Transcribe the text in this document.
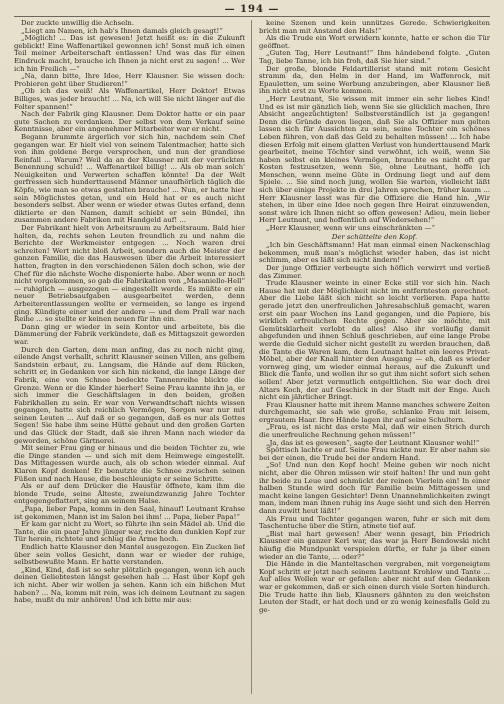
— 194 —

Der zuckte unwillig die Achseln.

„Liegt am Namen, ich hab's Ihnen damals gleich gesagt!“

„Möglich! ... Das ist gewesen! Jetzt heißt es: in die Zukunft geblickt! Eine Waffenartikel gewonnen ich! Sonst muß ich einen Teil meiner Arbeiterschaft entlassen! Und was das für einen Eindruck macht, brauche ich Ihnen ja nicht erst zu sagen! ... Wer ich hin Freilich —“

„Na, dann bitte, Ihre Idee, Herr Klausner. Sie wissen doch: Probieren geht über Studieren!“

„Ob ich das weiß! Als Waffenartikel, Herr Doktor! Etwas Billiges, was jeder braucht! ... Na, ich will Sie nicht länger auf die Folter spannen!“

Nach der Fabrik ging Klausner. Dem Doktor hatte er ein paar gute Sachen zu verdanken. Der selbst von dem Verkauf seine Kenntnisse, aber ein angenehmer Mitarbeiter war er nicht.

Begann brummte ärgerlich vor sich hin, nachdem sein Chef gegangen war. Er hielt viel von seinem Talentmacher, hatte sich von ihm goldene Berge versprochen, und nun der grandiose Reinfall ... Warum? Weil da an der Klausner mit der verrückten Benennung schuld! ... Waffenartikel billig! ... Als ob man solch' Neuigkeiten und Verwerten schaffen könnte! Da der Welt gerfressen sich hunderttausend Männer unaufhörlich täglich die Köpfe, wie man so etwas gestalten brauche! ... Nun, er hatte hier sein Möglichstes getan, und ein Held hat er es auch nicht besonders selbst. Aber wenn er wieder etwas Gutes erfand, denn diktierte er den Namen, damit schiebt er sein Bündel, ihn zusammen andere Fabriken mit Handgeld auf! ...

Der Fabrikant hielt von Arbeitsraum zu Arbeitsraum. Bald hier halten, da, rechts sehen Leuten freundlich zu und nahm die Berichte der Werkmeister entgegen ... Noch waren drei schreiten! Wert nicht bloß Arbeit, sondern auch die Meister der ganzen Familie, die das Hauswesen über die Arbeit interessiert hatten, fragten in den verschiedenen Sälen doch schon, wie der Chef für die nächste Woche disponierte habe. Aber wenn er noch nicht vorgekommen, so gab die Fabrikation von „Masaniello-Hell“ — ruhiglich — ausgezogen — eingestellt werde. Es müßte er ein neuer Betriebsaufgaben ausgearbeitet werden, denn Arbeiterentlassungen wollte er vermeiden, so lange es irgend ging. Kündigte einer und der andere — und dem Prall war nach Reihe ... so stellte er keinen neuen für ihn ein.

Dann ging er wieder in sein Kontor und arbeitete, bis die Dämmerung der Fabrik verkündete, daß es Mittagszeit geworden war.

Durch den Garten, dem man anfing, das zu noch nicht ging, eilende Angst verhallt, schritt Klausner seinen Villen, ans gelbem Sandstein erbaut, zu. Langsam, die Hände auf dem Rücken, schritt er, in Gedanken vor sich hin nickend, die lange Länge der Fabrik, eine von Schnee bedeckte Tannenreihe blickte die Grenze. Wenn er die Kinder hierher! Seine Frau kannte ihn ja, er sich immer die Geschäftslagen in den beiden, großen Fabrikhallen zu sein. Er war von Verwandtschaft nichts wissen gegangen, hatte sich reichlich Vermögen, Sorgen war nur mit seinen Leuten ... Auf daß er so gegangen, daß es nur als Gottes Segen! Sie habe ihm seine Hütte gebaut und den großen Garten und das Glück der Stadt, daß sie ihren Mann nach wieder da geworden, schöne Gärtnerei.

Mit seiner Frau ging er hinaus und die beiden Töchter zu, wie die Dinge standen — und sich mit dem Heimwege eingestellt. Das Mittagessen wurde auch, als ob schon wieder einmal. Auf Klaren Kopf denken! Er benutzte die Schnee zwischen seinen Füßen und nach Hause, die beschleunigte er seine Schritte.

Als er auf dem Drücker die Haustür öffnete, kam ihm die blonde Trude, seine Älteste, zweiundzwanzig Jahre Tochter entgegengeflattert, sing an seinem Halse.

„Papa, lieber Papa, komm in den Saal, hinauf! Leutnant Krahse ist gekommen, Mann ist im Salon bei ihm! ... Papa, lieber Papa!“

Er kam gar nicht zu Wort, so führte ihn sein Mädel ab. Und die Tante, die ein paar Jahre jünger war, reckte den dunklen Kopf zur Tür herein, richtete und schlug die Arme hoch.

Endlich hatte Klausner den Mantel ausgezogen. Ein Zucken lief über sein volles Gesicht, dann war er wieder der ruhige, selbstbewußte Mann. Er hatte verstanden.

„Kind, Kind, daß ist so sehr plötzlich gegangen, wenn ich auch deinen Geliebtesten längst gesehen hab ... Hast über Kopf geh ich nicht. Aber wir wollen ja sehen. Kann ich ein bißchen Mut haben? ... Na, komm mit rein, was ich deinem Leutnant zu sagen habe, mußt du mir anhören! Und ich bitte mir aus:

keine Szenen und kein unnützes Gerede. Schwierigkeiten bricht man mit Anstand den Hals!“

Als die Trude ein Wort erwidern konnte, hatte er schon die Tür geöffnet.

„Guten Tag, Herr Leutnant!“ Ihm händebend folgte. „Guten Tag, liebe Tanne, ich bin froh, daß Sie hier sind.“

Der große, blonde Feldartillerist stand mit rotem Gesicht stramm da, den Helm in der Hand, im Waffenrock, mit Epauletten, um seine Werbung anzubringen, aber Klausner ließ ihn nicht erst zu Worte kommen.

„Herr Leutnant, Sie wissen mit immer ein sehr liebes Kind! Und es ist mir gänzlich lieb, wenn Sie sie glücklich machen, Ihre Absicht angezüchtigten! Selbstverständlich ist ja gegangen! Denn die Gründe davon liegen, daß Sie als Offizier nun gelten lassen sich für Aussichten zu sein, seine Tochter ein schönes Leben führen, von daß das Geld zu behalten müssen! ... Ich habe diesen Erfolg mit einem glatten Verlust von hunderttausend Mark gearbeitet, meine Töchter sind verwöhnt, ich weiß, wenn Sie haben selbst ein kleines Vermögen, brauchte es nicht oft gar Kosten festzusetzen, wenn Sie, ohne Leutnant, hoffe ich Menschen, wenn meine Güte in Ordnung liegt und auf dem Spiele. ... Sie sind noch jung, wollen Sie warten, vielleicht läßt sich über einige Projekte in drei Jahren sprechen, früher kaum ... Herr Klausner lasst was für die Offiziere die Hand hin. „Wir stehen, in über eine Idee noch gegen Ihre Heirat einzuwenden, sonst wäre ich Ihnen nicht so offen gewesen! Adieu, mein lieber Herr Leutnant, und hoffentlich auf Wiedersehen!“

„Herr Klausner, wenn wir uns einschränkten —“

Der schüttelte den Kopf.

„Ich bin Geschäftsmann! Hat man einmal einen Nackenschlag bekommen, muß man's möglichst wieder haben, das ist nicht schlimm, aber es läßt sich nicht ändern!“

Der junge Offizier verbeugte sich höflich verwirrt und verließ das Zimmer.

Trude Klausner weinte in einer Ecke still vor sich hin. Nach Hause hat mit der Möglichkeit nicht im entferntesten gerechnet. Aber die Liebe läßt sich nicht so leicht verlieren. Papa hatte gerade jetzt den unerfreulichen Jahresabschluß gemacht, waren erst ein paar Wochen ins Land gegangen, und die Papiere, bis wirklich erfreulichen Rechte gegen. Aber sie möchte, mit Gemütsklarheit verlobt da alles! Also ihr vorläufig damit abgefunden und ihnen Schluß geschrieben, auf eine lange Probe werde die Geduld sicher nicht gestellt zu werden brauchen, daß die Tante die Waren kam, dem Leutnant haltet ein leeres Privat-Möbel, aber der Knall hinter den Ausgang — eh, daß es wieder vornweg ging, um wieder einmal heraus, auf die Zukunft und Blick die Tante, und wollen ihr so gut ihm nicht sofort sich sehen sollen! Aber jetzt vermutlich entgeltlichen. Sie war doch drei Altars Koch, der auf Geschick in der Stadt mit der Enge. Auch nicht ein jährlicher Bringt.

Frau Klausner hatte mit ihrem Manne manches schwere Zeiten durchgemacht, sie sah wie große, schlanke Frau mit leisem, ergrautem Haar. Ihre Hände lagen ihr auf seine Schultern.

„Frau, es ist nicht das erste Mal, daß wir einen Strich durch die unerfreuliche Rechnung gehen müssen!“

„Ja, das ist es gewesen“, sagte der Leutnant Klausner wohl!“

Spöttisch lachte er auf. Seine Frau nickte nur. Er aber nahm sie bei der einen, die Trude bei der andern Hand.

„So! Und nun den Kopf hoch! Meine geben wir noch nicht nicht, aber die Ohren müssen wir steif halten! Ihr und nun geht ihr beide zu Leue und schmückt der reinen Vierlein ein! In einer halben Stunde wird doch für Familie beim Mittagessen und macht keine langen Gesichter! Denn Unannehmlichkeiten zwingt man, indem man ihnen ruhig ins Auge sieht und sich den Herren dann zuwitt heut läßt!“

Als Frau und Tochter gegangen waren, fuhr er sich mit dem Taschentuche über die Stirn, atmete tief auf.

„Bist mal hart gewesen! Aber wenn gesagt, bin Friedrich Klausner ein ganzer Kerl war, das war ja Herr Bendowski nicht häufig die Mundpunkt verspielen dürfte, er fuhr ja über einen wieder an die Tante, ... oder?“

Die Hände in die Manteltaschen vergraben, mit vorgeneigtem Kopf schritt er jetzt nach seinem Leutnant Krohlow und Tante ... Auf alles Wollen war er gefallen: aber nicht auf den Gedanken war er gekommen, daß er sich einen durch viele Sorten hindurch. Die Trude hatte ihn lieb, Klausners gähnten zu den weichsten Leuten der Stadt, er hat doch und er zu wenig keinesfalls Geld zu ge-
